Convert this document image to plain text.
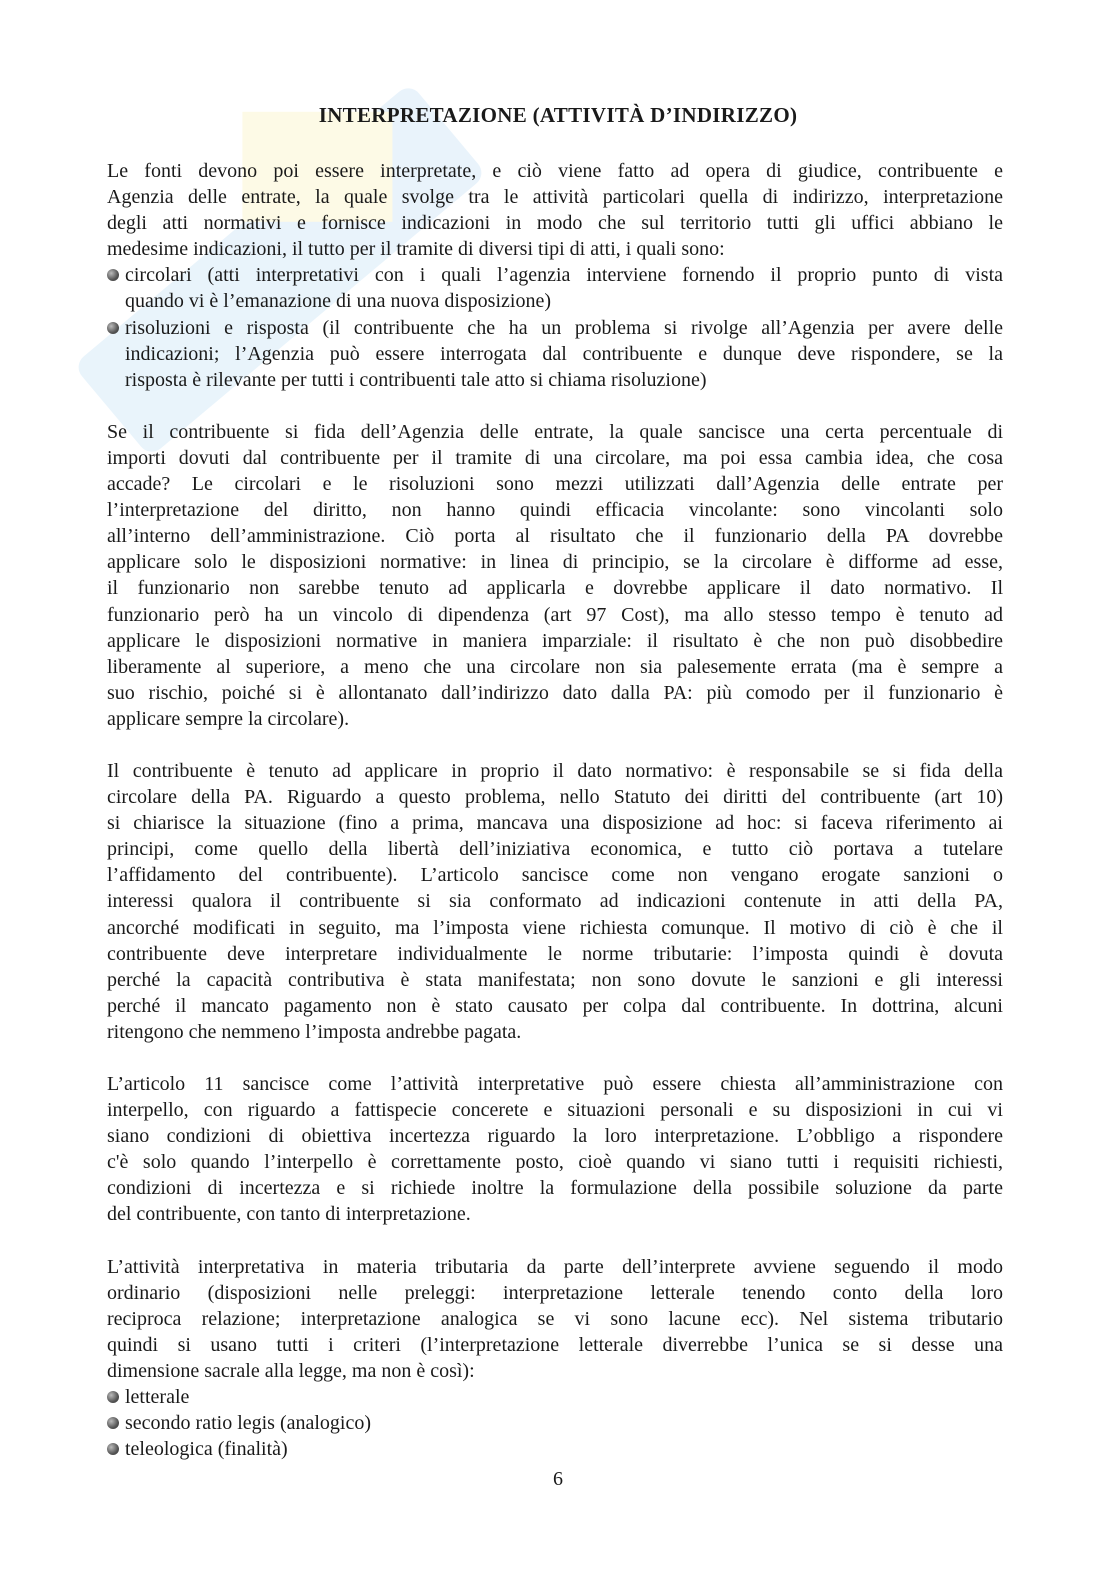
INTERPRETAZIONE (ATTIVITÀ D’INDIRIZZO)
Le fonti devono poi essere interpretate, e ciò viene fatto ad opera di giudice, contribuente e
Agenzia delle entrate, la quale svolge tra le attività particolari quella di indirizzo, interpretazione
degli atti normativi e fornisce indicazioni in modo che sul territorio tutti gli uffici abbiano le
medesime indicazioni, il tutto per il tramite di diversi tipi di atti, i quali sono:
circolari (atti interpretativi con i quali l’agenzia interviene fornendo il proprio punto di vista
quando vi è l’emanazione di una nuova disposizione)
risoluzioni e risposta (il contribuente che ha un problema si rivolge all’Agenzia per avere delle
indicazioni; l’Agenzia può essere interrogata dal contribuente e dunque deve rispondere, se la
risposta è rilevante per tutti i contribuenti tale atto si chiama risoluzione)
Se il contribuente si fida dell’Agenzia delle entrate, la quale sancisce una certa percentuale di
importi dovuti dal contribuente per il tramite di una circolare, ma poi essa cambia idea, che cosa
accade? Le circolari e le risoluzioni sono mezzi utilizzati dall’Agenzia delle entrate per
l’interpretazione del diritto, non hanno quindi efficacia vincolante: sono vincolanti solo
all’interno dell’amministrazione. Ciò porta al risultato che il funzionario della PA dovrebbe
applicare solo le disposizioni normative: in linea di principio, se la circolare è difforme ad esse,
il funzionario non sarebbe tenuto ad applicarla e dovrebbe applicare il dato normativo. Il
funzionario però ha un vincolo di dipendenza (art 97 Cost), ma allo stesso tempo è tenuto ad
applicare le disposizioni normative in maniera imparziale: il risultato è che non può disobbedire
liberamente al superiore, a meno che una circolare non sia palesemente errata (ma è sempre a
suo rischio, poiché si è allontanato dall’indirizzo dato dalla PA: più comodo per il funzionario è
applicare sempre la circolare).
Il contribuente è tenuto ad applicare in proprio il dato normativo: è responsabile se si fida della
circolare della PA. Riguardo a questo problema, nello Statuto dei diritti del contribuente (art 10)
si chiarisce la situazione (fino a prima, mancava una disposizione ad hoc: si faceva riferimento ai
principi, come quello della libertà dell’iniziativa economica, e tutto ciò portava a tutelare
l’affidamento del contribuente). L’articolo sancisce come non vengano erogate sanzioni o
interessi qualora il contribuente si sia conformato ad indicazioni contenute in atti della PA,
ancorché modificati in seguito, ma l’imposta viene richiesta comunque. Il motivo di ciò è che il
contribuente deve interpretare individualmente le norme tributarie: l’imposta quindi è dovuta
perché la capacità contributiva è stata manifestata; non sono dovute le sanzioni e gli interessi
perché il mancato pagamento non è stato causato per colpa dal contribuente. In dottrina, alcuni
ritengono che nemmeno l’imposta andrebbe pagata.
L’articolo 11 sancisce come l’attività interpretative può essere chiesta all’amministrazione con
interpello, con riguardo a fattispecie concerete e situazioni personali e su disposizioni in cui vi
siano condizioni di obiettiva incertezza riguardo la loro interpretazione. L’obbligo a rispondere
c'è solo quando l’interpello è correttamente posto, cioè quando vi siano tutti i requisiti richiesti,
condizioni di incertezza e si richiede inoltre la formulazione della possibile soluzione da parte
del contribuente, con tanto di interpretazione.
L’attività interpretativa in materia tributaria da parte dell’interprete avviene seguendo il modo
ordinario (disposizioni nelle preleggi: interpretazione letterale tenendo conto della loro
reciproca relazione; interpretazione analogica se vi sono lacune ecc). Nel sistema tributario
quindi si usano tutti i criteri (l’interpretazione letterale diverrebbe l’unica se si desse una
dimensione sacrale alla legge, ma non è così):
letterale
secondo ratio legis (analogico)
teleologica (finalità)
6
